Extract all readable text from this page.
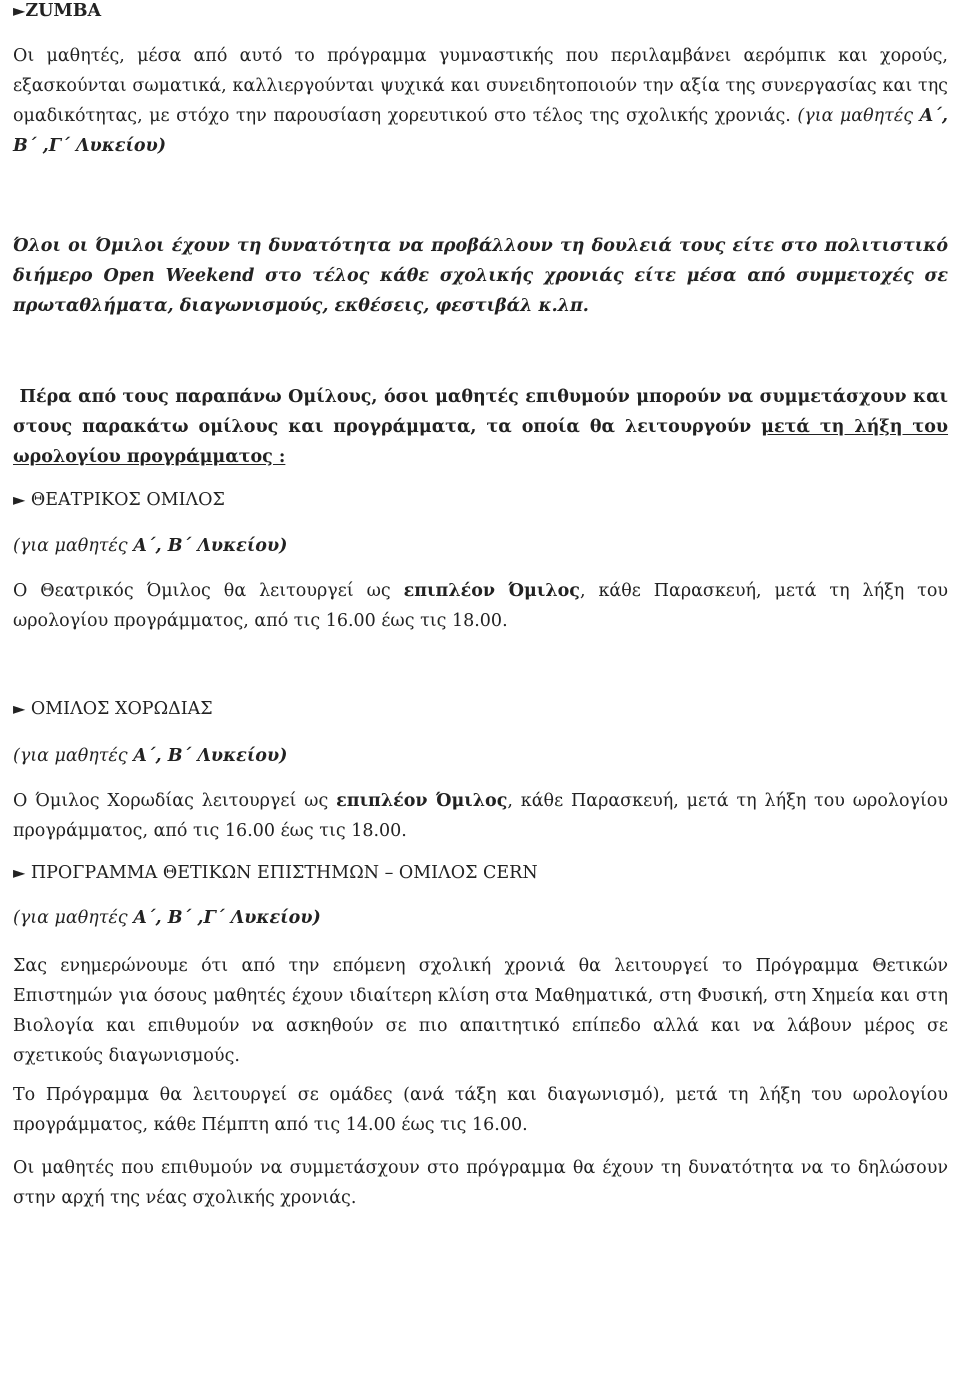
►ZUMBA
Οι μαθητές, μέσα από αυτό το πρόγραμμα γυμναστικής που περιλαμβάνει αερόμπικ και χορούς, εξασκούνται σωματικά, καλλιεργούνται ψυχικά και συνειδητοποιούν την αξία της συνεργασίας και της ομαδικότητας, με στόχο την παρουσίαση χορευτικού στο τέλος της σχολικής χρονιάς. (για μαθητές Α΄, Β΄ ,Γ΄ Λυκείου)
Όλοι οι Όμιλοι έχουν τη δυνατότητα να προβάλλουν τη δουλειά τους είτε στο πολιτιστικό διήμερο Open Weekend στο τέλος κάθε σχολικής χρονιάς είτε μέσα από συμμετοχές σε πρωταθλήματα, διαγωνισμούς, εκθέσεις, φεστιβάλ κ.λπ.
Πέρα από τους παραπάνω Ομίλους, όσοι μαθητές επιθυμούν μπορούν να συμμετάσχουν και στους παρακάτω ομίλους και προγράμματα, τα οποία θα λειτουργούν μετά τη λήξη του ωρολογίου προγράμματος :
► ΘΕΑΤΡΙΚΟΣ ΟΜΙΛΟΣ
(για μαθητές Α΄, Β΄ Λυκείου)
Ο Θεατρικός Όμιλος θα λειτουργεί ως επιπλέον Όμιλος, κάθε Παρασκευή, μετά τη λήξη του ωρολογίου προγράμματος, από τις 16.00 έως τις 18.00.
► ΟΜΙΛΟΣ ΧΟΡΩΔΙΑΣ
(για μαθητές Α΄, Β΄ Λυκείου)
Ο Όμιλος Χορωδίας λειτουργεί ως επιπλέον Όμιλος, κάθε Παρασκευή, μετά τη λήξη του ωρολογίου προγράμματος, από τις 16.00 έως τις 18.00.
► ΠΡΟΓΡΑΜΜΑ ΘΕΤΙΚΩΝ ΕΠΙΣΤΗΜΩΝ – ΟΜΙΛΟΣ CERN
(για μαθητές Α΄, Β΄ ,Γ΄ Λυκείου)
Σας ενημερώνουμε ότι από την επόμενη σχολική χρονιά θα λειτουργεί το Πρόγραμμα Θετικών Επιστημών για όσους μαθητές έχουν ιδιαίτερη κλίση στα Μαθηματικά, στη Φυσική, στη Χημεία και στη Βιολογία και επιθυμούν να ασκηθούν σε πιο απαιτητικό επίπεδο αλλά και να λάβουν μέρος σε σχετικούς διαγωνισμούς.
Το Πρόγραμμα θα λειτουργεί σε ομάδες (ανά τάξη και διαγωνισμό), μετά τη λήξη του ωρολογίου προγράμματος, κάθε Πέμπτη από τις 14.00 έως τις 16.00.
Οι μαθητές που επιθυμούν να συμμετάσχουν στο πρόγραμμα θα έχουν τη δυνατότητα να το δηλώσουν στην αρχή της νέας σχολικής χρονιάς.
